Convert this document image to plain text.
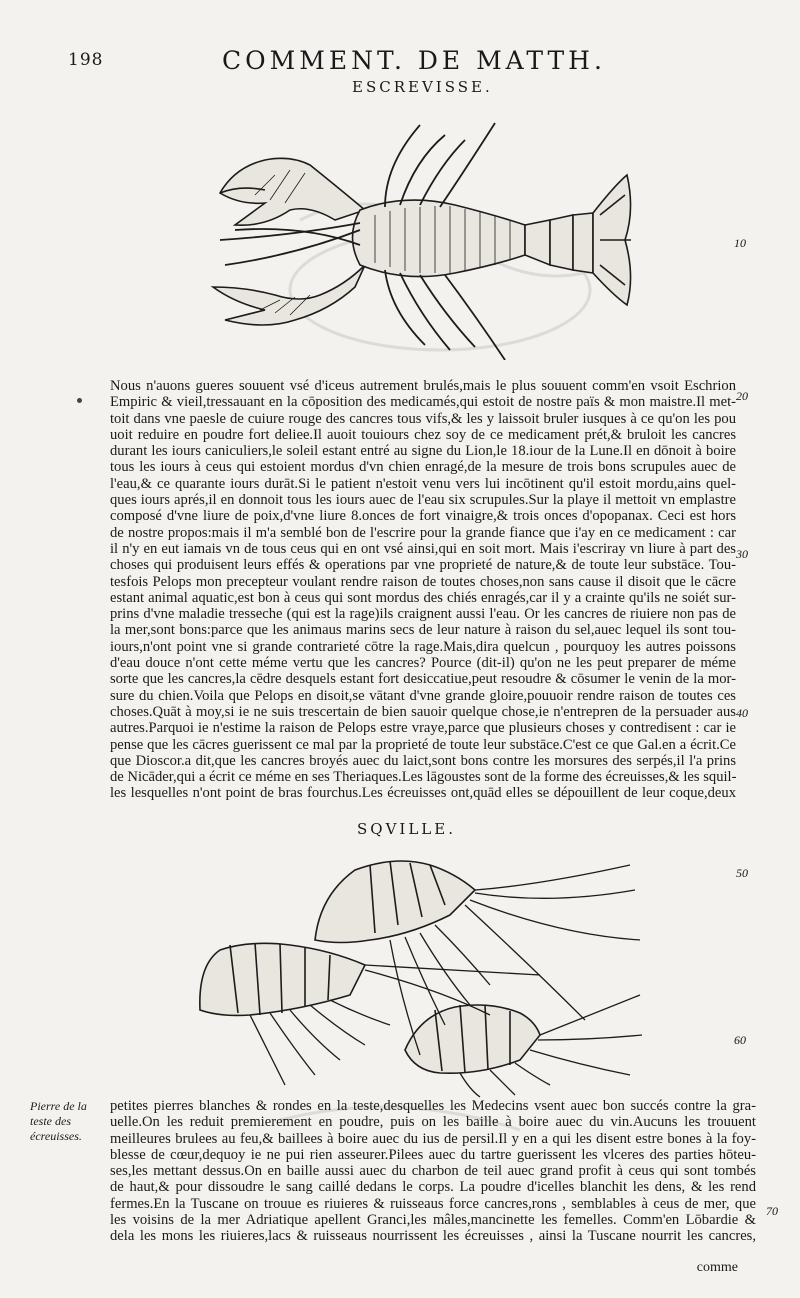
198	COMMENT. DE MATTH.
ESCREVISSE.
Nous n'auons gueres souuent vsé d'iceus autrement brulés,mais le plus souuent comm'en vsoit Eschrion
Empiric & vieil,tressauant en la cōposition des medicamés,qui estoit de nostre païs & mon maistre.Il met-
toit dans vne paesle de cuiure rouge des cancres tous vifs,& les y laissoit bruler iusques à ce qu'on les pou
uoit reduire en poudre fort deliee.Il auoit touiours chez soy de ce medicament prét,& bruloit les cancres
durant les iours caniculiers,le soleil estant entré au signe du Lion,le 18.iour de la Lune.Il en dōnoit à boire
tous les iours à ceus qui estoient mordus d'vn chien enragé,de la mesure de trois bons scrupules auec de
l'eau,& ce quarante iours durāt.Si le patient n'estoit venu vers lui incōtinent qu'il estoit mordu,ains quel-
ques iours aprés,il en donnoit tous les iours auec de l'eau six scrupules.Sur la playe il mettoit vn emplastre
composé d'vne liure de poix,d'vne liure 8.onces de fort vinaigre,& trois onces d'opopanax. Ceci est hors
de nostre propos:mais il m'a semblé bon de l'escrire pour la grande fiance que i'ay en ce medicament : car
il n'y en eut iamais vn de tous ceus qui en ont vsé ainsi,qui en soit mort. Mais i'escriray vn liure à part des
choses qui produisent leurs effés & operations par vne proprieté de nature,& de toute leur substāce. Tou-
tesfois Pelops mon precepteur voulant rendre raison de toutes choses,non sans cause il disoit que le cācre
estant animal aquatic,est bon à ceus qui sont mordus des chiés enragés,car il y a crainte qu'ils ne soiét sur-
prins d'vne maladie tresseche (qui est la rage)ils craignent aussi l'eau. Or les cancres de riuiere non pas de
la mer,sont bons:parce que les animaus marins secs de leur nature à raison du sel,auec lequel ils sont tou-
iours,n'ont point vne si grande contrarieté cōtre la rage.Mais,dira quelcun , pourquoy les autres poissons
d'eau douce n'ont cette méme vertu que les cancres? Pource (dit-il) qu'on ne les peut preparer de méme
sorte que les cancres,la cēdre desquels estant fort desiccatiue,peut resoudre & cōsumer le venin de la mor-
sure du chien.Voila que Pelops en disoit,se vātant d'vne grande gloire,pouuoir rendre raison de toutes ces
choses.Quāt à moy,si ie ne suis trescertain de bien sauoir quelque chose,ie n'entrepren de la persuader aus
autres.Parquoi ie n'estime la raison de Pelops estre vraye,parce que plusieurs choses y contredisent : car ie
pense que les cācres guerissent ce mal par la proprieté de toute leur substāce.C'est ce que Gal.en a écrit.Ce
que Dioscor.a dit,que les cancres broyés auec du laict,sont bons contre les morsures des serpés,il l'a prins
de Nicāder,qui a écrit ce méme en ses Theriaques.Les lāgoustes sont de la forme des écreuisses,& les squil-
les lesquelles n'ont point de bras fourchus.Les écreuisses ont,quād elles se dépouillent de leur coque,deux
10
20
30
40
50
60
70
SQVILLE.
Pierre de la
teste des
écreuisses.
petites pierres blanches & rondes en la teste,desquelles les Medecins vsent auec bon succés contre la gra-
uelle.On les reduit premierement en poudre, puis on les baille à boire auec du vin.Aucuns les trouuent
meilleures brulees au feu,& baillees à boire auec du ius de persil.Il y en a qui les disent estre bones à la foy-
blesse de cœur,dequoy ie ne pui rien asseurer.Pilees auec du tartre guerissent les vlceres des parties hōteu-
ses,les mettant dessus.On en baille aussi auec du charbon de teil auec grand profit à ceus qui sont tombés
de haut,& pour dissoudre le sang caillé dedans le corps. La poudre d'icelles blanchit les dens, & les rend
fermes.En la Tuscane on trouue es riuieres & ruisseaus force cancres,rons , semblables à ceus de mer, que
les voisins de la mer Adriatique apellent Granci,les mâles,mancinette les femelles. Comm'en Lōbardie &
dela les mons les riuieres,lacs & ruisseaus nourrissent les écreuisses , ainsi la Tuscane nourrit les cancres,
comme
